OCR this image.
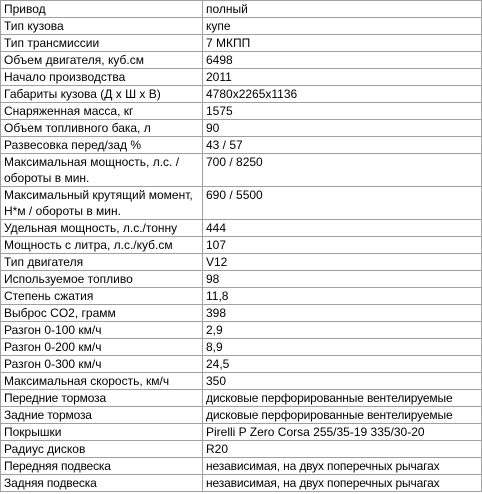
Привод	полный
Тип кузова	купе
Тип трансмиссии	7 МКПП
Объем двигателя, куб.см	6498
Начало производства	2011
Габариты кузова (Д х Ш х В)	4780x2265x1136
Снаряженная масса, кг	1575
Объем топливного бака, л	90
Развесовка перед/зад %	43 / 57
Максимальная мощность, л.с. / обороты в мин.	700 / 8250
Максимальный крутящий момент, Н*м / обороты в мин.	690 / 5500
Удельная мощность, л.с./тонну	444
Мощность с литра, л.с./куб.см	107
Тип двигателя	V12
Используемое топливо	98
Степень сжатия	11,8
Выброс CO2, грамм	398
Разгон 0-100 км/ч	2,9
Разгон 0-200 км/ч	8,9
Разгон 0-300 км/ч	24,5
Максимальная скорость, км/ч	350
Передние тормоза	дисковые перфорированные вентелируемые
Задние тормоза	дисковые перфорированные вентелируемые
Покрышки	Pirelli P Zero Corsa 255/35-19 335/30-20
Радиус дисков	R20
Передняя подвеска	независимая, на двух поперечных рычагах
Задняя подвеска	независимая, на двух поперечных рычагах
